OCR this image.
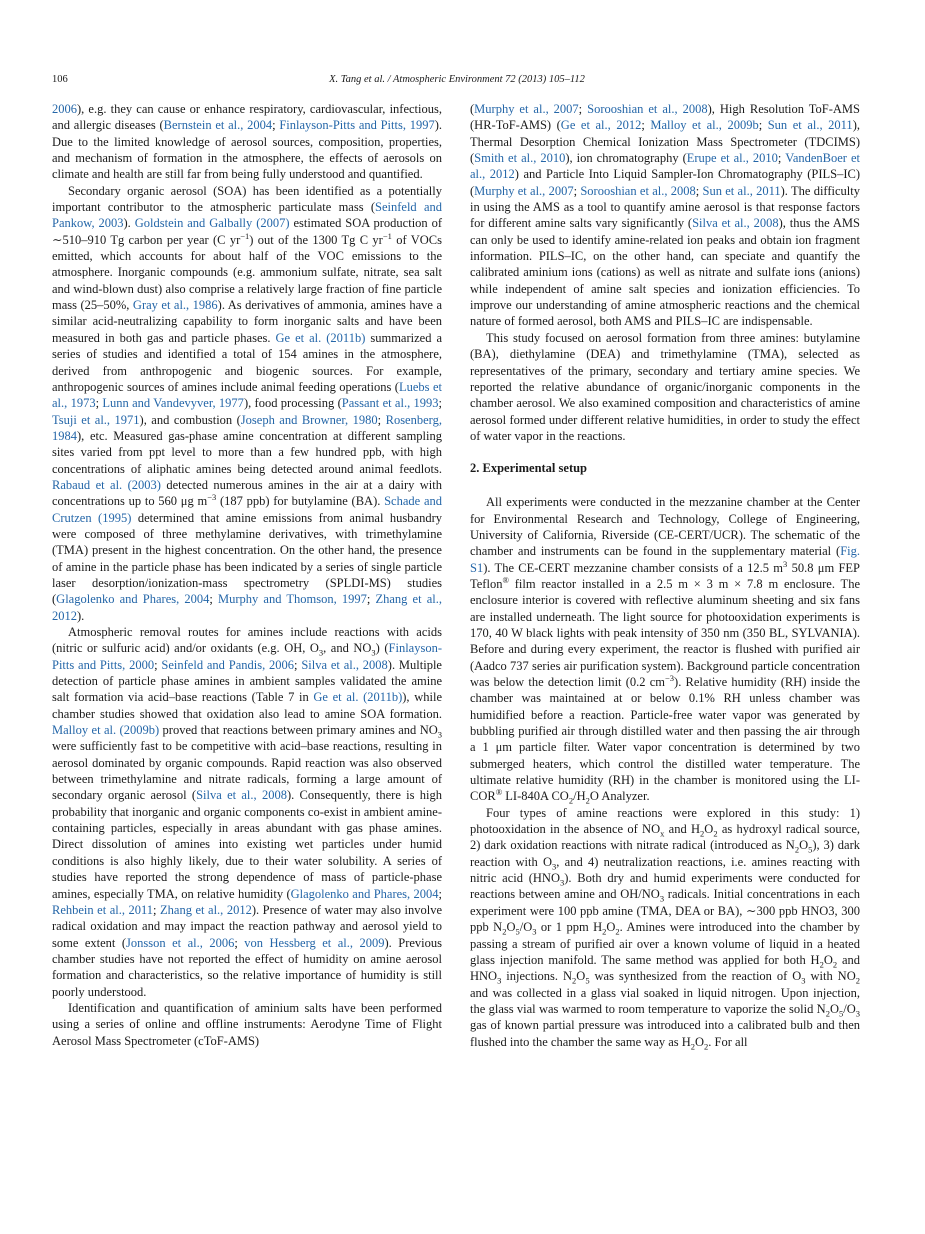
106	X. Tang et al. / Atmospheric Environment 72 (2013) 105–112

2006), e.g. they can cause or enhance respiratory, cardiovascular, infectious, and allergic diseases (Bernstein et al., 2004; Finlayson-Pitts and Pitts, 1997). Due to the limited knowledge of aerosol sources, composition, properties, and mechanism of formation in the atmosphere, the effects of aerosols on climate and health are still far from being fully understood and quantified.

Secondary organic aerosol (SOA) has been identified as a potentially important contributor to the atmospheric particulate mass (Seinfeld and Pankow, 2003). Goldstein and Galbally (2007) estimated SOA production of ∼510–910 Tg carbon per year (C $yr^{-1}$) out of the 1300 Tg C $yr^{-1}$ of VOCs emitted, which accounts for about half of the VOC emissions to the atmosphere. Inorganic compounds (e.g. ammonium sulfate, nitrate, sea salt and wind-blown dust) also comprise a relatively large fraction of fine particle mass (25–50%, Gray et al., 1986). As derivatives of ammonia, amines have a similar acid-neutralizing capability to form inorganic salts and have been measured in both gas and particle phases. Ge et al. (2011b) summarized a series of studies and identified a total of 154 amines in the atmosphere, derived from anthropogenic and biogenic sources. For example, anthropogenic sources of amines include animal feeding operations (Luebs et al., 1973; Lunn and Vandevyver, 1977), food processing (Passant et al., 1993; Tsuji et al., 1971), and combustion (Joseph and Browner, 1980; Rosenberg, 1984), etc. Measured gas-phase amine concentration at different sampling sites varied from ppt level to more than a few hundred ppb, with high concentrations of aliphatic amines being detected around animal feedlots. Rabaud et al. (2003) detected numerous amines in the air at a dairy with concentrations up to 560 μg $m^{-3}$ (187 ppb) for butylamine (BA). Schade and Crutzen (1995) determined that amine emissions from animal husbandry were composed of three methylamine derivatives, with trimethylamine (TMA) present in the highest concentration. On the other hand, the presence of amine in the particle phase has been indicated by a series of single particle laser desorption/ionization-mass spectrometry (SPLDI-MS) studies (Glagolenko and Phares, 2004; Murphy and Thomson, 1997; Zhang et al., 2012).

Atmospheric removal routes for amines include reactions with acids (nitric or sulfuric acid) and/or oxidants (e.g. OH, $O_3$, and $NO_3$) (Finlayson-Pitts and Pitts, 2000; Seinfeld and Pandis, 2006; Silva et al., 2008). Multiple detection of particle phase amines in ambient samples validated the amine salt formation via acid–base reactions (Table 7 in Ge et al. (2011b)), while chamber studies showed that oxidation also lead to amine SOA formation. Malloy et al. (2009b) proved that reactions between primary amines and $NO_3$ were sufficiently fast to be competitive with acid–base reactions, resulting in aerosol dominated by organic compounds. Rapid reaction was also observed between trimethylamine and nitrate radicals, forming a large amount of secondary organic aerosol (Silva et al., 2008). Consequently, there is high probability that inorganic and organic components co-exist in ambient amine-containing particles, especially in areas abundant with gas phase amines. Direct dissolution of amines into existing wet particles under humid conditions is also highly likely, due to their water solubility. A series of studies have reported the strong dependence of mass of particle-phase amines, especially TMA, on relative humidity (Glagolenko and Phares, 2004; Rehbein et al., 2011; Zhang et al., 2012). Presence of water may also involve radical oxidation and may impact the reaction pathway and aerosol yield to some extent (Jonsson et al., 2006; von Hessberg et al., 2009). Previous chamber studies have not reported the effect of humidity on amine aerosol formation and characteristics, so the relative importance of humidity is still poorly understood.

Identification and quantification of aminium salts have been performed using a series of online and offline instruments: Aerodyne Time of Flight Aerosol Mass Spectrometer (cToF-AMS)

(Murphy et al., 2007; Sorooshian et al., 2008), High Resolution ToF-AMS (HR-ToF-AMS) (Ge et al., 2012; Malloy et al., 2009b; Sun et al., 2011), Thermal Desorption Chemical Ionization Mass Spectrometer (TDCIMS) (Smith et al., 2010), ion chromatography (Erupe et al., 2010; VandenBoer et al., 2012) and Particle Into Liquid Sampler-Ion Chromatography (PILS–IC) (Murphy et al., 2007; Sorooshian et al., 2008; Sun et al., 2011). The difficulty in using the AMS as a tool to quantify amine aerosol is that response factors for different amine salts vary significantly (Silva et al., 2008), thus the AMS can only be used to identify amine-related ion peaks and obtain ion fragment information. PILS–IC, on the other hand, can speciate and quantify the calibrated aminium ions (cations) as well as nitrate and sulfate ions (anions) while independent of amine salt species and ionization efficiencies. To improve our understanding of amine atmospheric reactions and the chemical nature of formed aerosol, both AMS and PILS–IC are indispensable.

This study focused on aerosol formation from three amines: butylamine (BA), diethylamine (DEA) and trimethylamine (TMA), selected as representatives of the primary, secondary and tertiary amine species. We reported the relative abundance of organic/inorganic components in the chamber aerosol. We also examined composition and characteristics of amine aerosol formed under different relative humidities, in order to study the effect of water vapor in the reactions.

2. Experimental setup

All experiments were conducted in the mezzanine chamber at the Center for Environmental Research and Technology, College of Engineering, University of California, Riverside (CE-CERT/UCR). The schematic of the chamber and instruments can be found in the supplementary material (Fig. S1). The CE-CERT mezzanine chamber consists of a 12.5 $m^3$ 50.8 μm FEP Teflon® film reactor installed in a 2.5 m × 3 m × 7.8 m enclosure. The enclosure interior is covered with reflective aluminum sheeting and six fans are installed underneath. The light source for photooxidation experiments is 170, 40 W black lights with peak intensity of 350 nm (350 BL, SYLVANIA). Before and during every experiment, the reactor is flushed with purified air (Aadco 737 series air purification system). Background particle concentration was below the detection limit (0.2 $cm^{-3}$). Relative humidity (RH) inside the chamber was maintained at or below 0.1% RH unless chamber was humidified before a reaction. Particle-free water vapor was generated by bubbling purified air through distilled water and then passing the air through a 1 μm particle filter. Water vapor concentration is determined by two submerged heaters, which control the distilled water temperature. The ultimate relative humidity (RH) in the chamber is monitored using the LI-COR® LI-840A $CO_2/H_2O$ Analyzer.

Four types of amine reactions were explored in this study: 1) photooxidation in the absence of $NO_x$ and $H_2O_2$ as hydroxyl radical source, 2) dark oxidation reactions with nitrate radical (introduced as $N_2O_5$), 3) dark reaction with $O_3$, and 4) neutralization reactions, i.e. amines reacting with nitric acid $(HNO_3)$. Both dry and humid experiments were conducted for reactions between amine and $OH/NO_3$ radicals. Initial concentrations in each experiment were 100 ppb amine (TMA, DEA or BA), ∼300 ppb HNO3, 300 ppb $N_2O_5/O_3$ or 1 ppm $H_2O_2$. Amines were introduced into the chamber by passing a stream of purified air over a known volume of liquid in a heated glass injection manifold. The same method was applied for both $H_2O_2$ and $HNO_3$ injections. $N_2O_5$ was synthesized from the reaction of $O_3$ with $NO_2$ and was collected in a glass vial soaked in liquid nitrogen. Upon injection, the glass vial was warmed to room temperature to vaporize the solid $N_2O_5/O_3$ gas of known partial pressure was introduced into a calibrated bulb and then flushed into the chamber the same way as $H_2O_2$. For all
